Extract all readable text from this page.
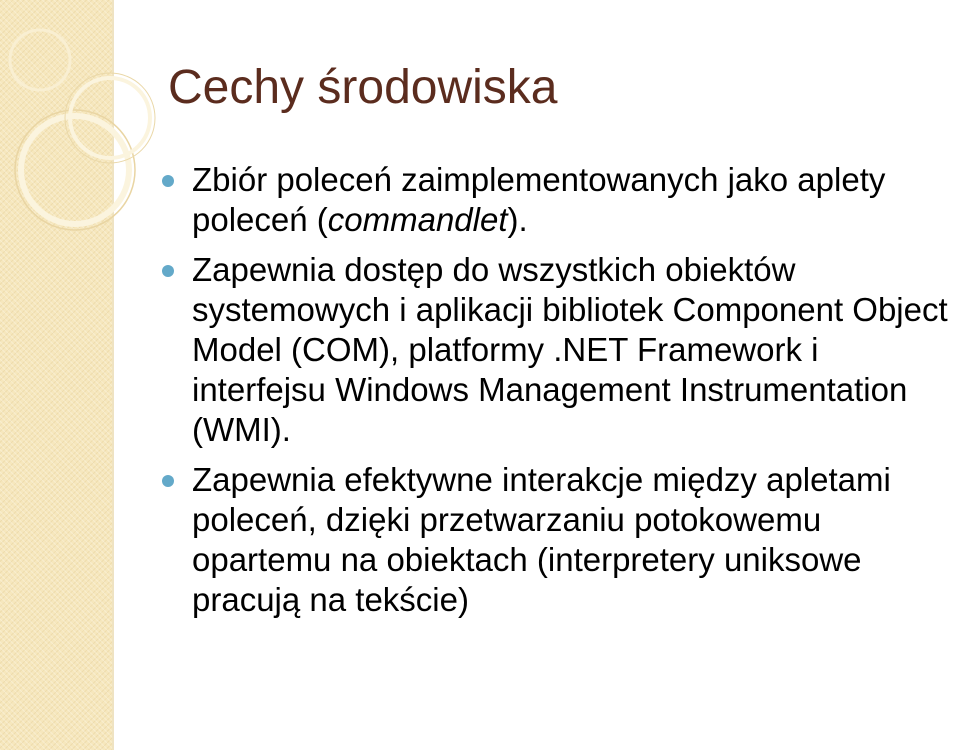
Cechy środowiska
Zbiór poleceń zaimplementowanych jako aplety poleceń (commandlet).
Zapewnia dostęp do wszystkich obiektów systemowych i aplikacji bibliotek Component Object Model (COM), platformy .NET Framework i interfejsu Windows Management Instrumentation (WMI).
Zapewnia efektywne interakcje między apletami poleceń, dzięki przetwarzaniu potokowemu opartemu na obiektach (interpretery uniksowe pracują na tekście)
